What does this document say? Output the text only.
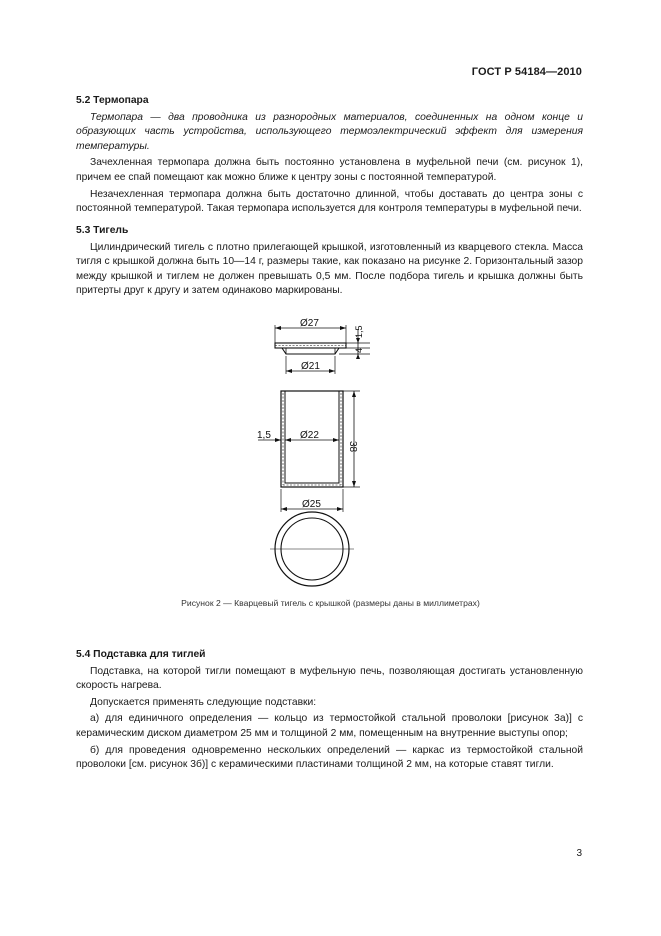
ГОСТ Р 54184—2010
5.2 Термопара

Термопара — два проводника из разнородных материалов, соединенных на одном конце и образующих часть устройства, использующего термоэлектрический эффект для измерения температуры.

Зачехленная термопара должна быть постоянно установлена в муфельной печи (см. рисунок 1), причем ее спай помещают как можно ближе к центру зоны с постоянной температурой.

Незачехленная термопара должна быть достаточно длинной, чтобы доставать до центра зоны с постоянной температурой. Такая термопара используется для контроля температуры в муфельной печи.

5.3 Тигель

Цилиндрический тигель с плотно прилегающей крышкой, изготовленный из кварцевого стекла. Масса тигля с крышкой должна быть 10—14 г, размеры такие, как показано на рисунке 2. Горизонтальный зазор между крышкой и тиглем не должен превышать 0,5 мм. После подбора тигель и крышка должны быть притерты друг к другу и затем одинаково маркированы.

Ø27
1,5
4
Ø21
1,5	Ø22
38
Ø25
Рисунок 2 — Кварцевый тигель с крышкой (размеры даны в миллиметрах)
5.4 Подставка для тиглей

Подставка, на которой тигли помещают в муфельную печь, позволяющая достигать установленную скорость нагрева.

Допускается применять следующие подставки:

а) для единичного определения — кольцо из термостойкой стальной проволоки [рисунок 3а)] с керамическим диском диаметром 25 мм и толщиной 2 мм, помещенным на внутренние выступы опор;

б) для проведения одновременно нескольких определений — каркас из термостойкой стальной проволоки [см. рисунок 3б)] с керамическими пластинами толщиной 2 мм, на которые ставят тигли.

3
